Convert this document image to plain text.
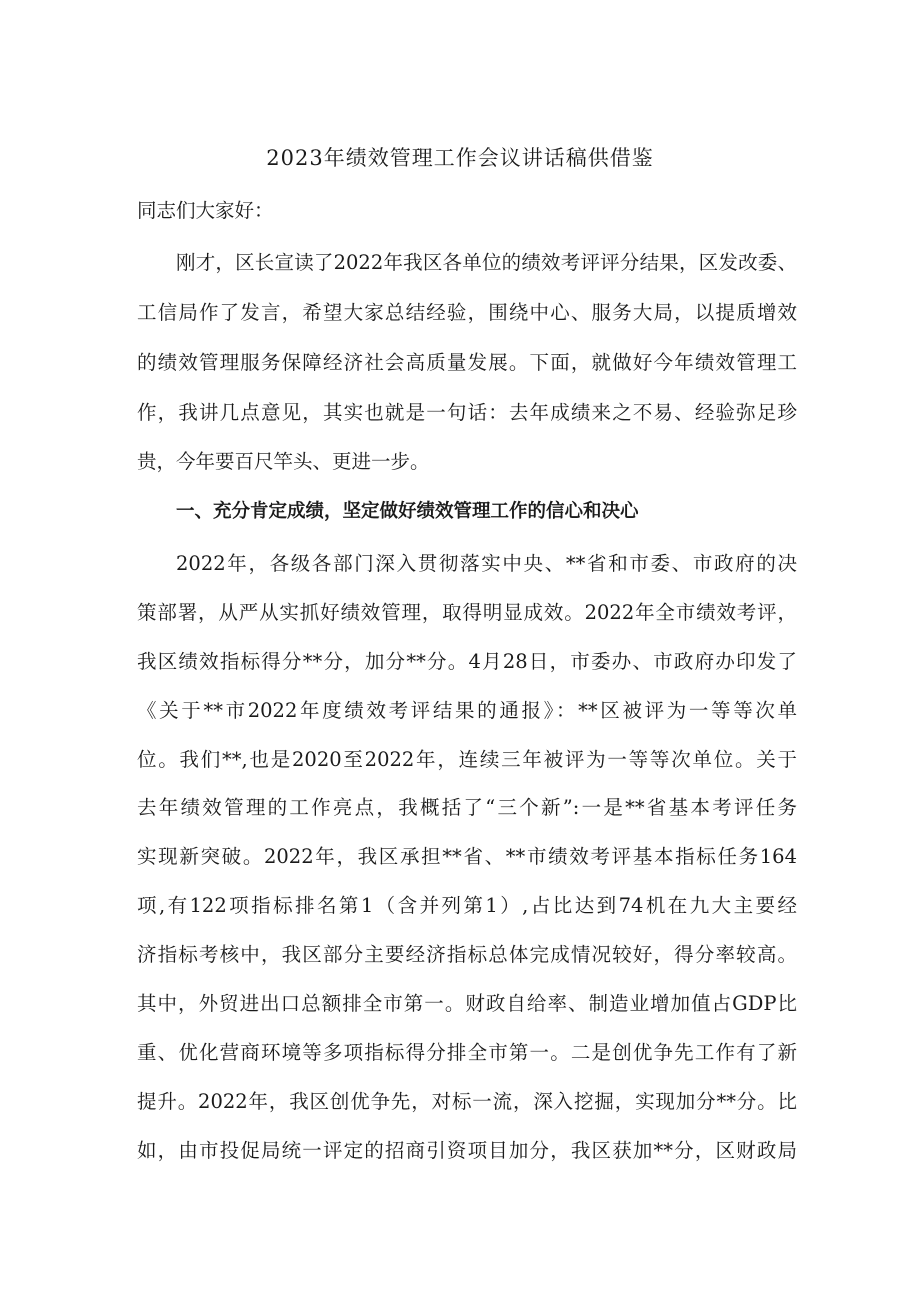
2023年绩效管理工作会议讲话稿供借鉴
同志们大家好：
刚才，区长宣读了2022年我区各单位的绩效考评评分结果，区发改委、
工信局作了发言，希望大家总结经验，围绕中心、服务大局，以提质增效
的绩效管理服务保障经济社会高质量发展。下面，就做好今年绩效管理工
作，我讲几点意见，其实也就是一句话：去年成绩来之不易、经验弥足珍
贵，今年要百尺竿头、更进一步。
一、充分肯定成绩，坚定做好绩效管理工作的信心和决心
2022年，各级各部门深入贯彻落实中央、**省和市委、市政府的决
策部署，从严从实抓好绩效管理，取得明显成效。2022年全市绩效考评，
我区绩效指标得分**分，加分**分。4月28日，市委办、市政府办印发了
《关于**市2022年度绩效考评结果的通报》：**区被评为一等等次单
位。我们**,也是2020至2022年，连续三年被评为一等等次单位。关于
去年绩效管理的工作亮点，我概括了“三个新”:一是**省基本考评任务
实现新突破。2022年，我区承担**省、**市绩效考评基本指标任务164
项,有122项指标排名第1（含并列第1）,占比达到74机在九大主要经
济指标考核中，我区部分主要经济指标总体完成情况较好，得分率较高。
其中，外贸进出口总额排全市第一。财政自给率、制造业增加值占GDP比
重、优化营商环境等多项指标得分排全市第一。二是创优争先工作有了新
提升。2022年，我区创优争先，对标一流，深入挖掘，实现加分**分。比
如，由市投促局统一评定的招商引资项目加分，我区获加**分，区财政局
